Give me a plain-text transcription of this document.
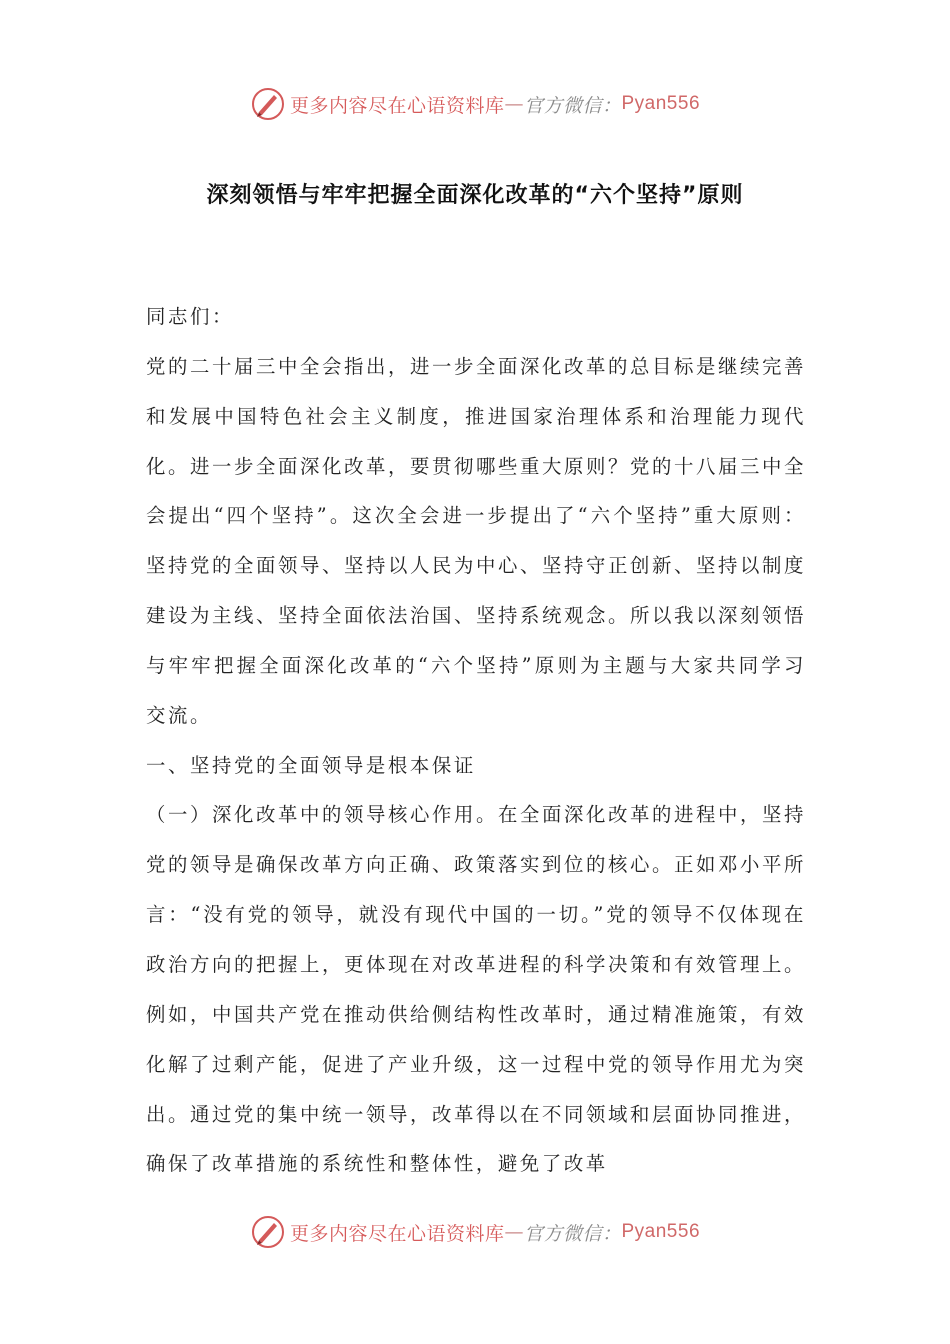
更多内容尽在心语资料库 — 官方微信： Pyan556
深刻领悟与牢牢把握全面深化改革的“六个坚持”原则

同志们：

党的二十届三中全会指出，进一步全面深化改革的总目标是继续完善和发展中国特色社会主义制度，推进国家治理体系和治理能力现代化。进一步全面深化改革，要贯彻哪些重大原则？党的十八届三中全会提出“四个坚持”。这次全会进一步提出了“六个坚持”重大原则：坚持党的全面领导、坚持以人民为中心、坚持守正创新、坚持以制度建设为主线、坚持全面依法治国、坚持系统观念。所以我以深刻领悟与牢牢把握全面深化改革的“六个坚持”原则为主题与大家共同学习交流。

一、坚持党的全面领导是根本保证

（一）深化改革中的领导核心作用。在全面深化改革的进程中，坚持党的领导是确保改革方向正确、政策落实到位的核心。正如邓小平所言：“没有党的领导，就没有现代中国的一切。”党的领导不仅体现在政治方向的把握上，更体现在对改革进程的科学决策和有效管理上。例如，中国共产党在推动供给侧结构性改革时，通过精准施策，有效化解了过剩产能，促进了产业升级，这一过程中党的领导作用尤为突出。通过党的集中统一领导，改革得以在不同领域和层面协同推进，确保了改革措施的系统性和整体性，避免了改革

更多内容尽在心语资料库 — 官方微信： Pyan556
